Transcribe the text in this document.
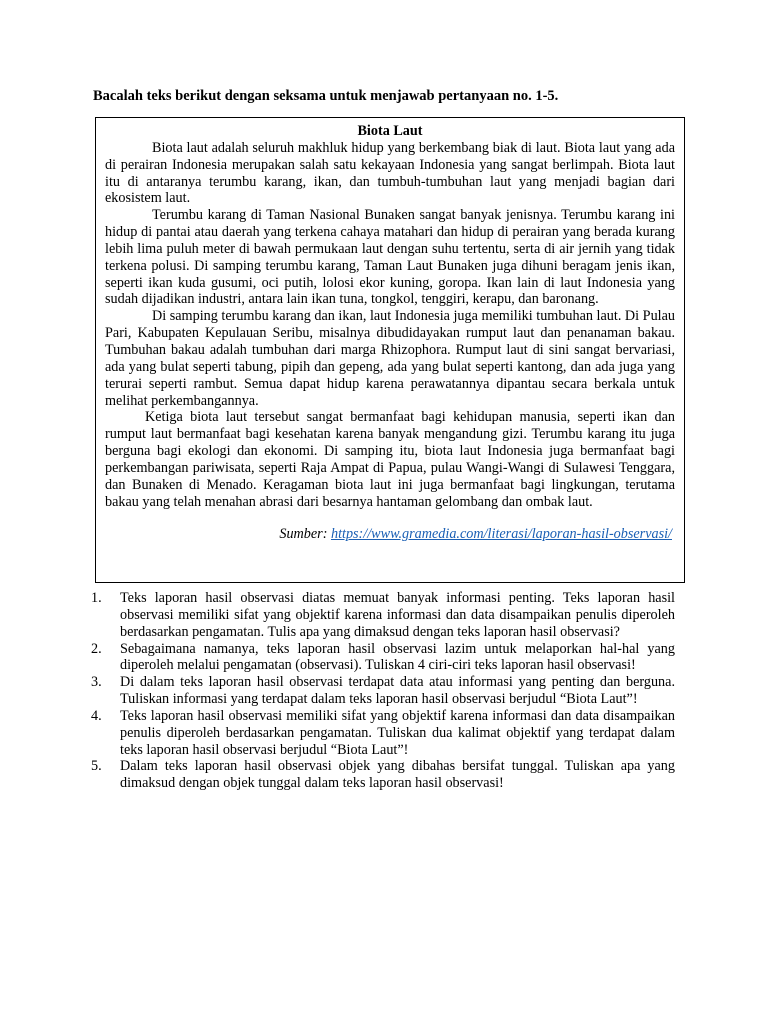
Bacalah teks berikut dengan seksama untuk menjawab pertanyaan no. 1-5.

Biota Laut

Biota laut adalah seluruh makhluk hidup yang berkembang biak di laut. Biota laut yang ada di perairan Indonesia merupakan salah satu kekayaan Indonesia yang sangat berlimpah. Biota laut itu di antaranya terumbu karang, ikan, dan tumbuh-tumbuhan laut yang menjadi bagian dari ekosistem laut.

Terumbu karang di Taman Nasional Bunaken sangat banyak jenisnya. Terumbu karang ini hidup di pantai atau daerah yang terkena cahaya matahari dan hidup di perairan yang berada kurang lebih lima puluh meter di bawah permukaan laut dengan suhu tertentu, serta di air jernih yang tidak terkena polusi. Di samping terumbu karang, Taman Laut Bunaken juga dihuni beragam jenis ikan, seperti ikan kuda gusumi, oci putih, lolosi ekor kuning, goropa. Ikan lain di laut Indonesia yang sudah dijadikan industri, antara lain ikan tuna, tongkol, tenggiri, kerapu, dan baronang.

Di samping terumbu karang dan ikan, laut Indonesia juga memiliki tumbuhan laut. Di Pulau Pari, Kabupaten Kepulauan Seribu, misalnya dibudidayakan rumput laut dan penanaman bakau. Tumbuhan bakau adalah tumbuhan dari marga Rhizophora. Rumput laut di sini sangat bervariasi, ada yang bulat seperti tabung, pipih dan gepeng, ada yang bulat seperti kantong, dan ada juga yang terurai seperti rambut. Semua dapat hidup karena perawatannya dipantau secara berkala untuk melihat perkembangannya.

Ketiga biota laut tersebut sangat bermanfaat bagi kehidupan manusia, seperti ikan dan rumput laut bermanfaat bagi kesehatan karena banyak mengandung gizi. Terumbu karang itu juga berguna bagi ekologi dan ekonomi. Di samping itu, biota laut Indonesia juga bermanfaat bagi perkembangan pariwisata, seperti Raja Ampat di Papua, pulau Wangi-Wangi di Sulawesi Tenggara, dan Bunaken di Menado. Keragaman biota laut ini juga bermanfaat bagi lingkungan, terutama bakau yang telah menahan abrasi dari besarnya hantaman gelombang dan ombak laut.

Sumber: https://www.gramedia.com/literasi/laporan-hasil-observasi/

1. Teks laporan hasil observasi diatas memuat banyak informasi penting. Teks laporan hasil observasi memiliki sifat yang objektif karena informasi dan data disampaikan penulis diperoleh berdasarkan pengamatan. Tulis apa yang dimaksud dengan teks laporan hasil observasi?
2. Sebagaimana namanya, teks laporan hasil observasi lazim untuk melaporkan hal-hal yang diperoleh melalui pengamatan (observasi). Tuliskan 4 ciri-ciri teks laporan hasil observasi!
3. Di dalam teks laporan hasil observasi terdapat data atau informasi yang penting dan berguna. Tuliskan informasi yang terdapat dalam teks laporan hasil observasi berjudul “Biota Laut”!
4. Teks laporan hasil observasi memiliki sifat yang objektif karena informasi dan data disampaikan penulis diperoleh berdasarkan pengamatan. Tuliskan dua kalimat objektif yang terdapat dalam teks laporan hasil observasi berjudul “Biota Laut”!
5. Dalam teks laporan hasil observasi objek yang dibahas bersifat tunggal. Tuliskan apa yang dimaksud dengan objek tunggal dalam teks laporan hasil observasi!
